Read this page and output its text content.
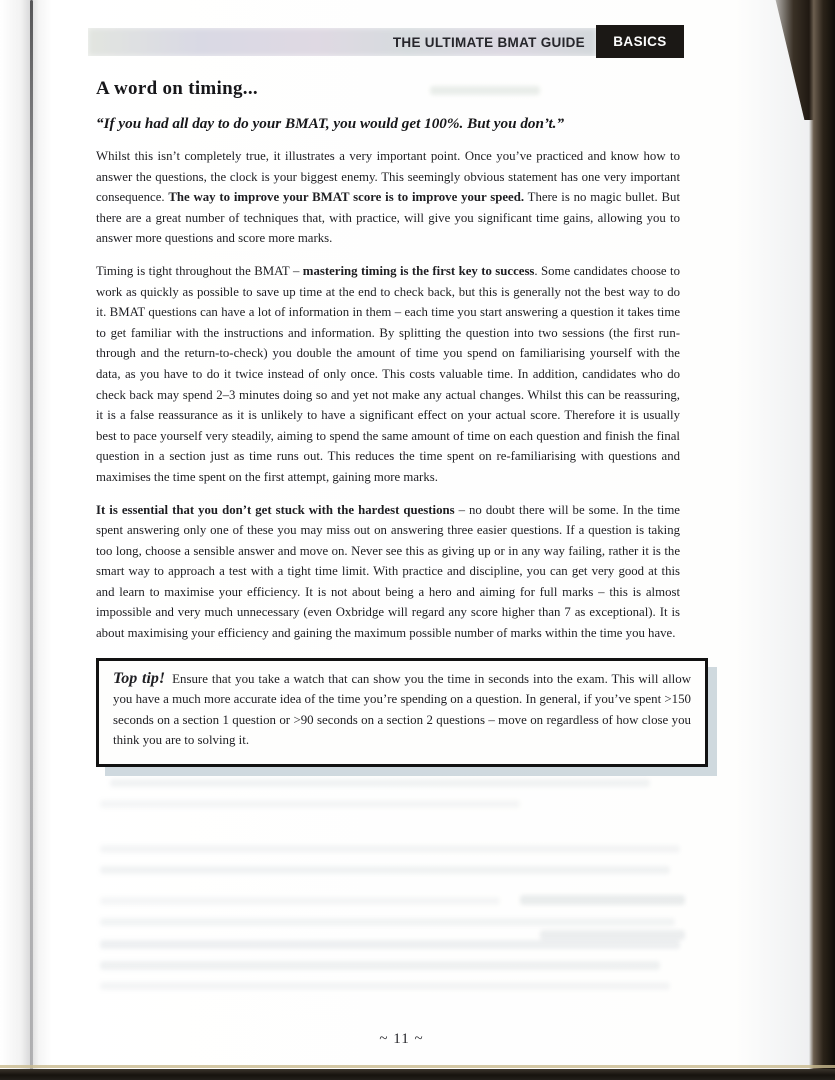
THE ULTIMATE BMAT GUIDE	BASICS
A word on timing...
“If you had all day to do your BMAT, you would get 100%. But you don’t.”

Whilst this isn’t completely true, it illustrates a very important point. Once you’ve practiced and know how to answer the questions, the clock is your biggest enemy. This seemingly obvious statement has one very important consequence. The way to improve your BMAT score is to improve your speed. There is no magic bullet. But there are a great number of techniques that, with practice, will give you significant time gains, allowing you to answer more questions and score more marks.

Timing is tight throughout the BMAT – mastering timing is the first key to success. Some candidates choose to work as quickly as possible to save up time at the end to check back, but this is generally not the best way to do it. BMAT questions can have a lot of information in them – each time you start answering a question it takes time to get familiar with the instructions and information. By splitting the question into two sessions (the first run-through and the return-to-check) you double the amount of time you spend on familiarising yourself with the data, as you have to do it twice instead of only once. This costs valuable time. In addition, candidates who do check back may spend 2–3 minutes doing so and yet not make any actual changes. Whilst this can be reassuring, it is a false reassurance as it is unlikely to have a significant effect on your actual score. Therefore it is usually best to pace yourself very steadily, aiming to spend the same amount of time on each question and finish the final question in a section just as time runs out. This reduces the time spent on re-familiarising with questions and maximises the time spent on the first attempt, gaining more marks.

It is essential that you don’t get stuck with the hardest questions – no doubt there will be some. In the time spent answering only one of these you may miss out on answering three easier questions. If a question is taking too long, choose a sensible answer and move on. Never see this as giving up or in any way failing, rather it is the smart way to approach a test with a tight time limit. With practice and discipline, you can get very good at this and learn to maximise your efficiency. It is not about being a hero and aiming for full marks – this is almost impossible and very much unnecessary (even Oxbridge will regard any score higher than 7 as exceptional). It is about maximising your efficiency and gaining the maximum possible number of marks within the time you have.

Top tip! Ensure that you take a watch that can show you the time in seconds into the exam. This will allow you have a much more accurate idea of the time you’re spending on a question. In general, if you’ve spent >150 seconds on a section 1 question or >90 seconds on a section 2 questions – move on regardless of how close you think you are to solving it.
~ 11 ~
